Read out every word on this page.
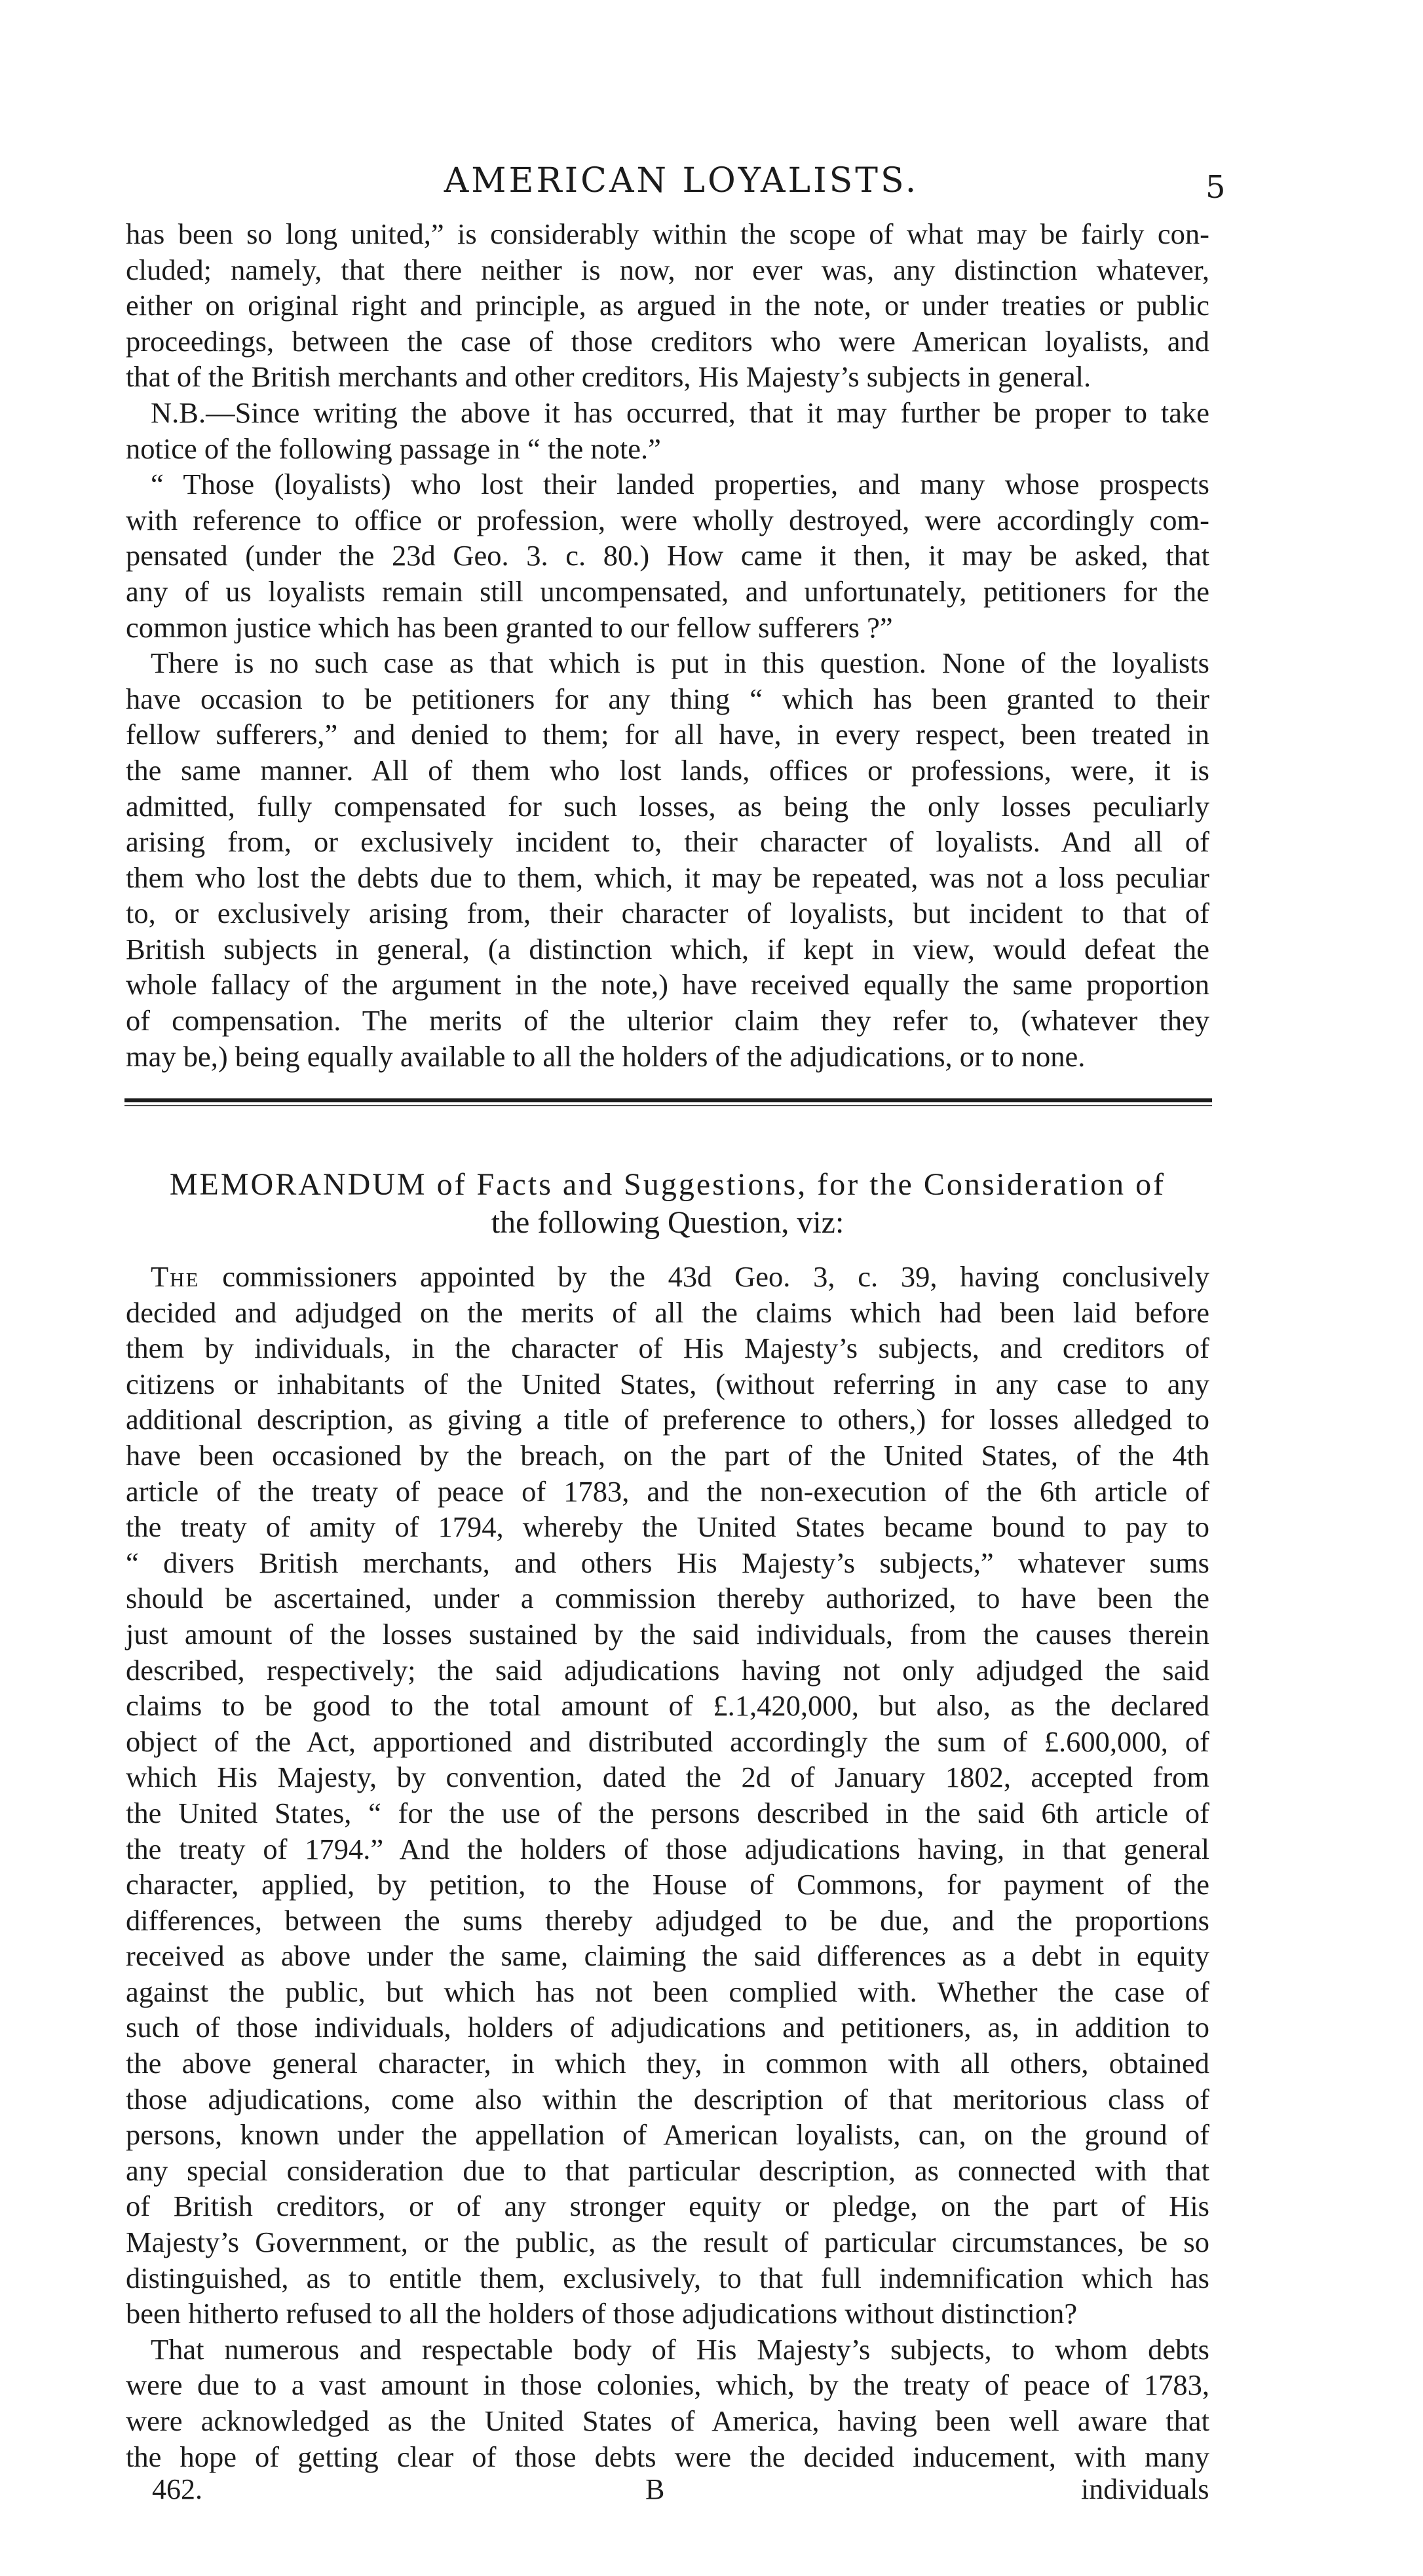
AMERICAN LOYALISTS.	5
has been so long united,” is considerably within the scope of what may be fairly con-
cluded; namely, that there neither is now, nor ever was, any distinction whatever,
either on original right and principle, as argued in the note, or under treaties or public
proceedings, between the case of those creditors who were American loyalists, and
that of the British merchants and other creditors, His Majesty’s subjects in general.
N.B.—Since writing the above it has occurred, that it may further be proper to take
notice of the following passage in “ the note.”
“ Those (loyalists) who lost their landed properties, and many whose prospects
with reference to office or profession, were wholly destroyed, were accordingly com-
pensated (under the 23d Geo. 3. c. 80.) How came it then, it may be asked, that
any of us loyalists remain still uncompensated, and unfortunately, petitioners for the
common justice which has been granted to our fellow sufferers ?”
There is no such case as that which is put in this question. None of the loyalists
have occasion to be petitioners for any thing “ which has been granted to their
fellow sufferers,” and denied to them; for all have, in every respect, been treated in
the same manner. All of them who lost lands, offices or professions, were, it is
admitted, fully compensated for such losses, as being the only losses peculiarly
arising from, or exclusively incident to, their character of loyalists. And all of
them who lost the debts due to them, which, it may be repeated, was not a loss peculiar
to, or exclusively arising from, their character of loyalists, but incident to that of
British subjects in general, (a distinction which, if kept in view, would defeat the
whole fallacy of the argument in the note,) have received equally the same proportion
of compensation. The merits of the ulterior claim they refer to, (whatever they
may be,) being equally available to all the holders of the adjudications, or to none.
MEMORANDUM of Facts and Suggestions, for the Consideration of
the following Question, viz:
The commissioners appointed by the 43d Geo. 3, c. 39, having conclusively
decided and adjudged on the merits of all the claims which had been laid before
them by individuals, in the character of His Majesty’s subjects, and creditors of
citizens or inhabitants of the United States, (without referring in any case to any
additional description, as giving a title of preference to others,) for losses alledged to
have been occasioned by the breach, on the part of the United States, of the 4th
article of the treaty of peace of 1783, and the non-execution of the 6th article of
the treaty of amity of 1794, whereby the United States became bound to pay to
“ divers British merchants, and others His Majesty’s subjects,” whatever sums
should be ascertained, under a commission thereby authorized, to have been the
just amount of the losses sustained by the said individuals, from the causes therein
described, respectively; the said adjudications having not only adjudged the said
claims to be good to the total amount of £.1,420,000, but also, as the declared
object of the Act, apportioned and distributed accordingly the sum of £.600,000, of
which His Majesty, by convention, dated the 2d of January 1802, accepted from
the United States, “ for the use of the persons described in the said 6th article of
the treaty of 1794.” And the holders of those adjudications having, in that general
character, applied, by petition, to the House of Commons, for payment of the
differences, between the sums thereby adjudged to be due, and the proportions
received as above under the same, claiming the said differences as a debt in equity
against the public, but which has not been complied with. Whether the case of
such of those individuals, holders of adjudications and petitioners, as, in addition to
the above general character, in which they, in common with all others, obtained
those adjudications, come also within the description of that meritorious class of
persons, known under the appellation of American loyalists, can, on the ground of
any special consideration due to that particular description, as connected with that
of British creditors, or of any stronger equity or pledge, on the part of His
Majesty’s Government, or the public, as the result of particular circumstances, be so
distinguished, as to entitle them, exclusively, to that full indemnification which has
been hitherto refused to all the holders of those adjudications without distinction?
That numerous and respectable body of His Majesty’s subjects, to whom debts
were due to a vast amount in those colonies, which, by the treaty of peace of 1783,
were acknowledged as the United States of America, having been well aware that
the hope of getting clear of those debts were the decided inducement, with many
462.	B	individuals
